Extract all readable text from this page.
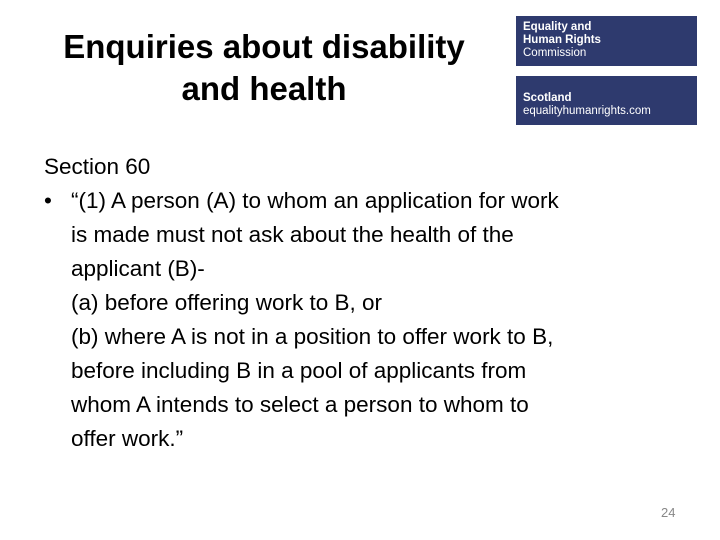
Enquiries about disability
and health
Equality and
Human Rights
Commission
Scotland
equalityhumanrights.com
Section 60
• “(1) A person (A) to whom an application for work
is made must not ask about the health of the
applicant (B)-
(a) before offering work to B, or
(b) where A is not in a position to offer work to B,
before including B in a pool of applicants from
whom A intends to select a person to whom to
offer work.”
24
